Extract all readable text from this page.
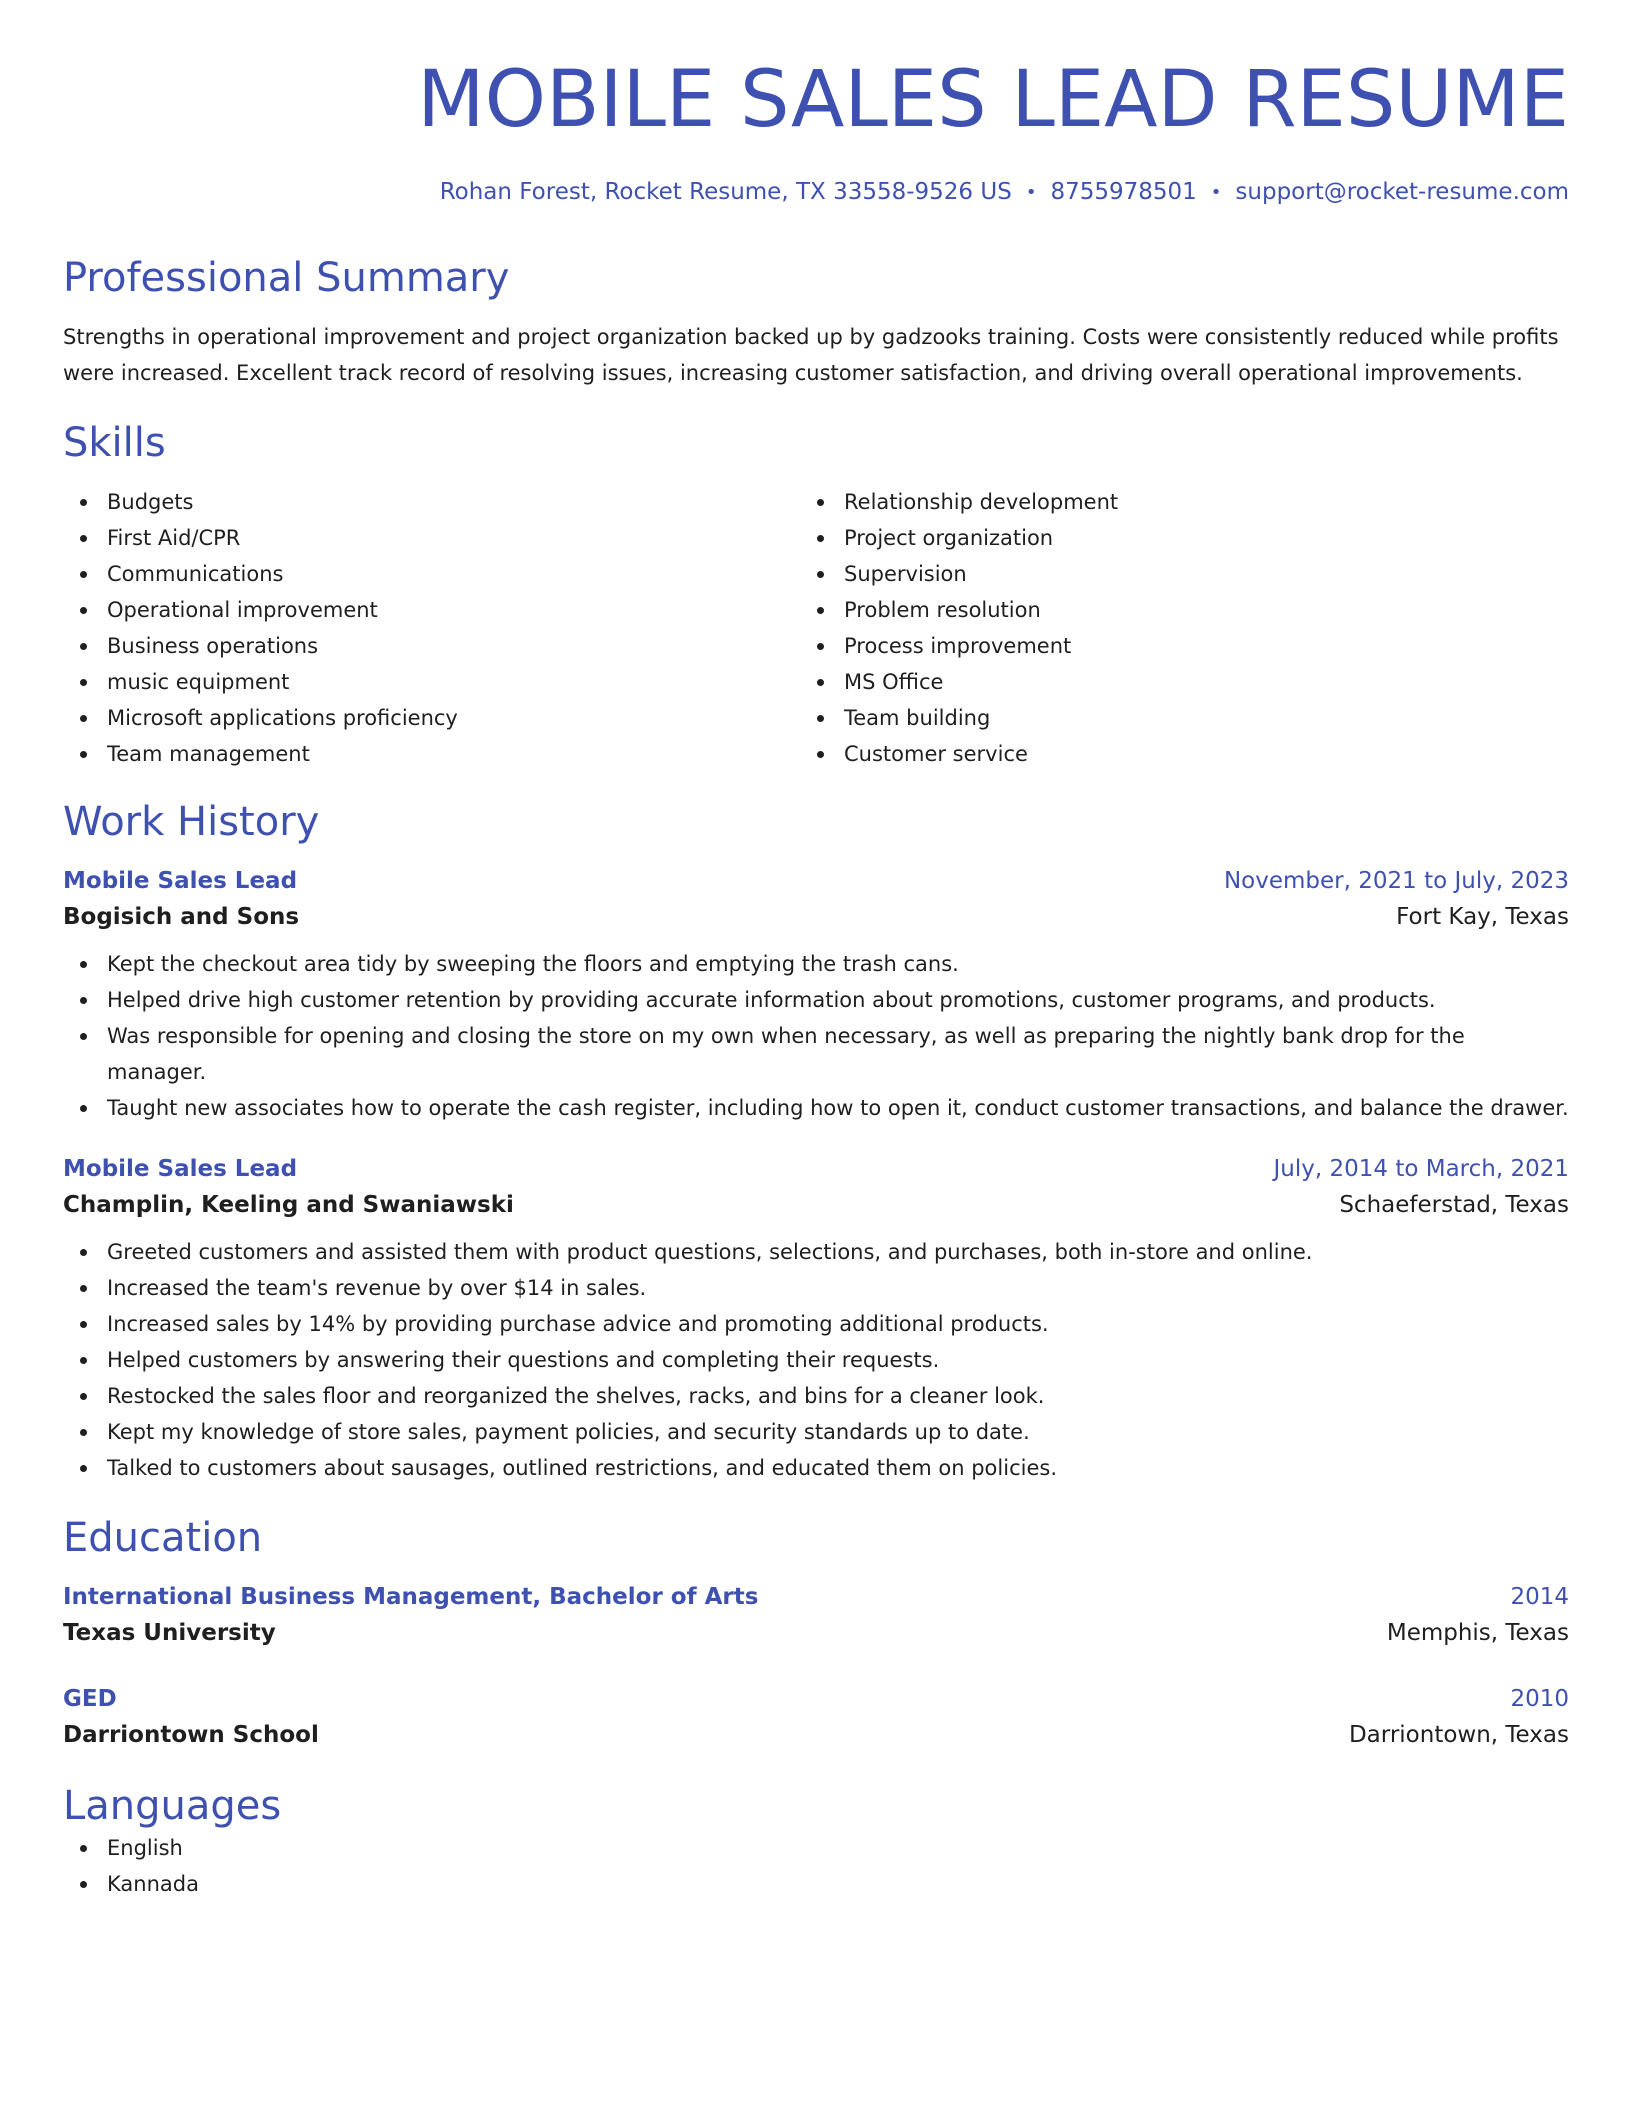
MOBILE SALES LEAD RESUME
Rohan Forest, Rocket Resume, TX 33558-9526 US • 8755978501 • support@rocket-resume.com
Professional Summary

Strengths in operational improvement and project organization backed up by gadzooks training. Costs were consistently reduced while profits were increased. Excellent track record of resolving issues, increasing customer satisfaction, and driving overall operational improvements.

Skills
Budgets
First Aid/CPR
Communications
Operational improvement
Business operations
music equipment
Microsoft applications proficiency
Team management
Relationship development
Project organization
Supervision
Problem resolution
Process improvement
MS Office
Team building
Customer service
Work History
Mobile Sales Lead	November, 2021 to July, 2023
Bogisich and Sons	Fort Kay, Texas
Kept the checkout area tidy by sweeping the floors and emptying the trash cans.
Helped drive high customer retention by providing accurate information about promotions, customer programs, and products.
Was responsible for opening and closing the store on my own when necessary, as well as preparing the nightly bank drop for the manager.
Taught new associates how to operate the cash register, including how to open it, conduct customer transactions, and balance the drawer.
Mobile Sales Lead	July, 2014 to March, 2021
Champlin, Keeling and Swaniawski	Schaeferstad, Texas
Greeted customers and assisted them with product questions, selections, and purchases, both in-store and online.
Increased the team's revenue by over $14 in sales.
Increased sales by 14% by providing purchase advice and promoting additional products.
Helped customers by answering their questions and completing their requests.
Restocked the sales floor and reorganized the shelves, racks, and bins for a cleaner look.
Kept my knowledge of store sales, payment policies, and security standards up to date.
Talked to customers about sausages, outlined restrictions, and educated them on policies.
Education
International Business Management, Bachelor of Arts	2014
Texas University	Memphis, Texas
GED	2010
Darriontown School	Darriontown, Texas
Languages
English
Kannada
